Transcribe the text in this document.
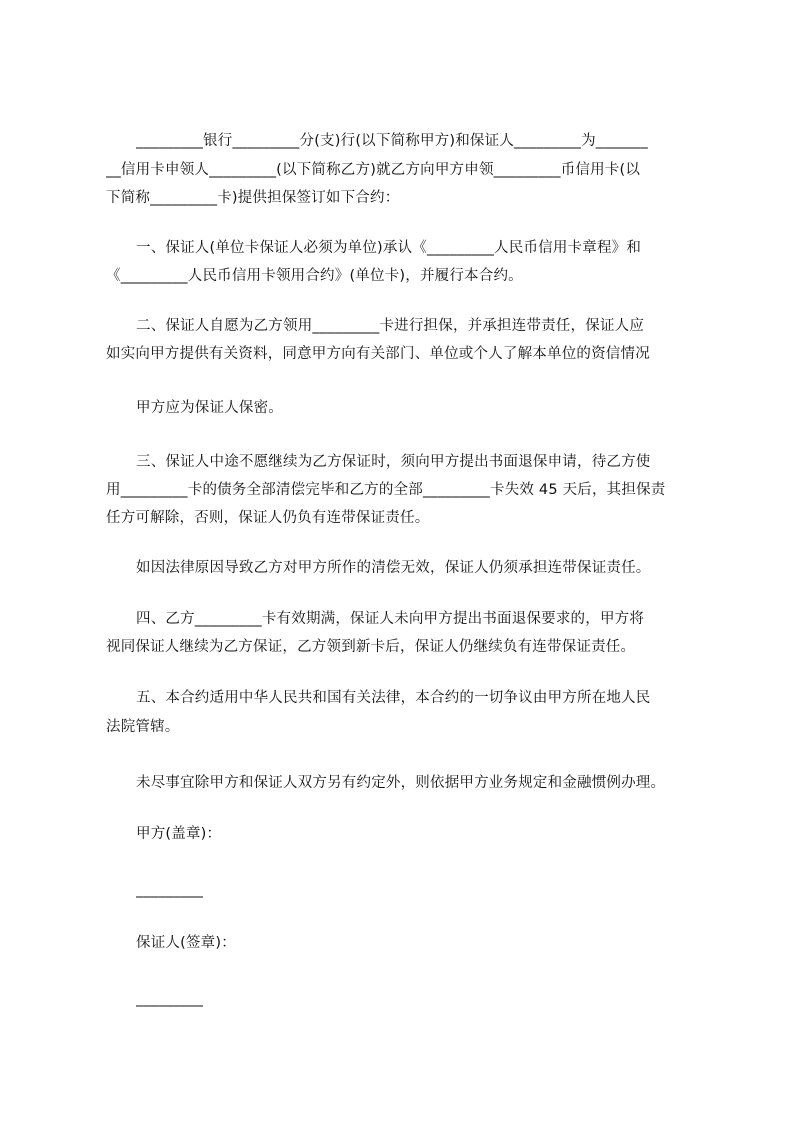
_________银行_________分(支)行(以下简称甲方)和保证人_________为_______
__信用卡申领人_________(以下简称乙方)就乙方向甲方申领_________币信用卡(以
下简称_________卡)提供担保签订如下合约：
一、保证人(单位卡保证人必须为单位)承认《_________人民币信用卡章程》和
《_________人民币信用卡领用合约》(单位卡)，并履行本合约。
二、保证人自愿为乙方领用_________卡进行担保，并承担连带责任，保证人应
如实向甲方提供有关资料，同意甲方向有关部门、单位或个人了解本单位的资信情况
甲方应为保证人保密。
三、保证人中途不愿继续为乙方保证时，须向甲方提出书面退保申请，待乙方使
用_________卡的债务全部清偿完毕和乙方的全部_________卡失效 45 天后，其担保责
任方可解除，否则，保证人仍负有连带保证责任。
如因法律原因导致乙方对甲方所作的清偿无效，保证人仍须承担连带保证责任。
四、乙方_________卡有效期满，保证人未向甲方提出书面退保要求的，甲方将
视同保证人继续为乙方保证，乙方领到新卡后，保证人仍继续负有连带保证责任。
五、本合约适用中华人民共和国有关法律，本合约的一切争议由甲方所在地人民
法院管辖。
未尽事宜除甲方和保证人双方另有约定外，则依据甲方业务规定和金融惯例办理。
甲方(盖章)：
_________
保证人(签章)：
_________
